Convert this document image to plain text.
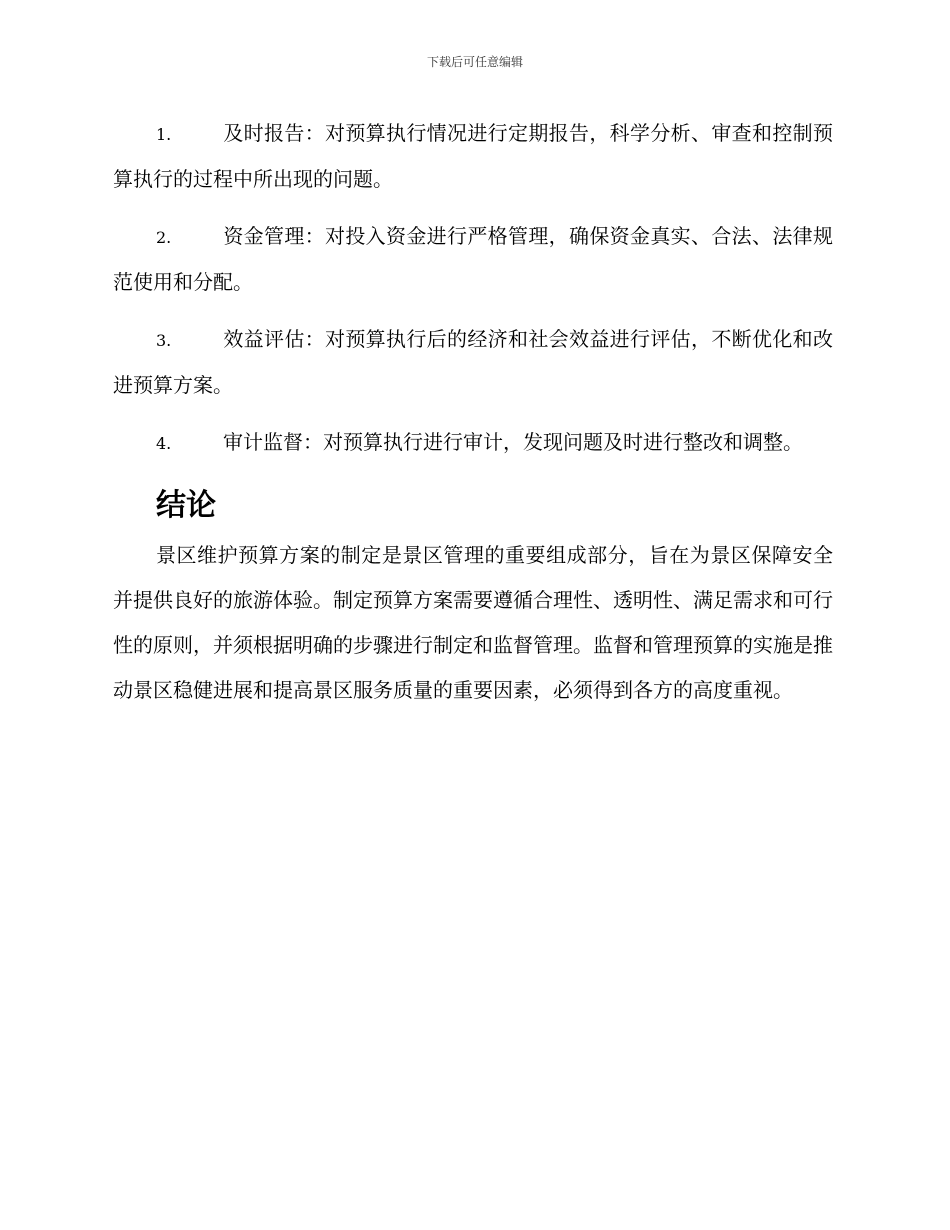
下载后可任意编辑

1.	及时报告：对预算执行情况进行定期报告，科学分析、审查和控制预算执行的过程中所出现的问题。

2.	资金管理：对投入资金进行严格管理，确保资金真实、合法、法律规范使用和分配。

3.	效益评估：对预算执行后的经济和社会效益进行评估，不断优化和改进预算方案。

4.	审计监督：对预算执行进行审计，发现问题及时进行整改和调整。

结论

景区维护预算方案的制定是景区管理的重要组成部分，旨在为景区保障安全并提供良好的旅游体验。制定预算方案需要遵循合理性、透明性、满足需求和可行性的原则，并须根据明确的步骤进行制定和监督管理。监督和管理预算的实施是推动景区稳健进展和提高景区服务质量的重要因素，必须得到各方的高度重视。
